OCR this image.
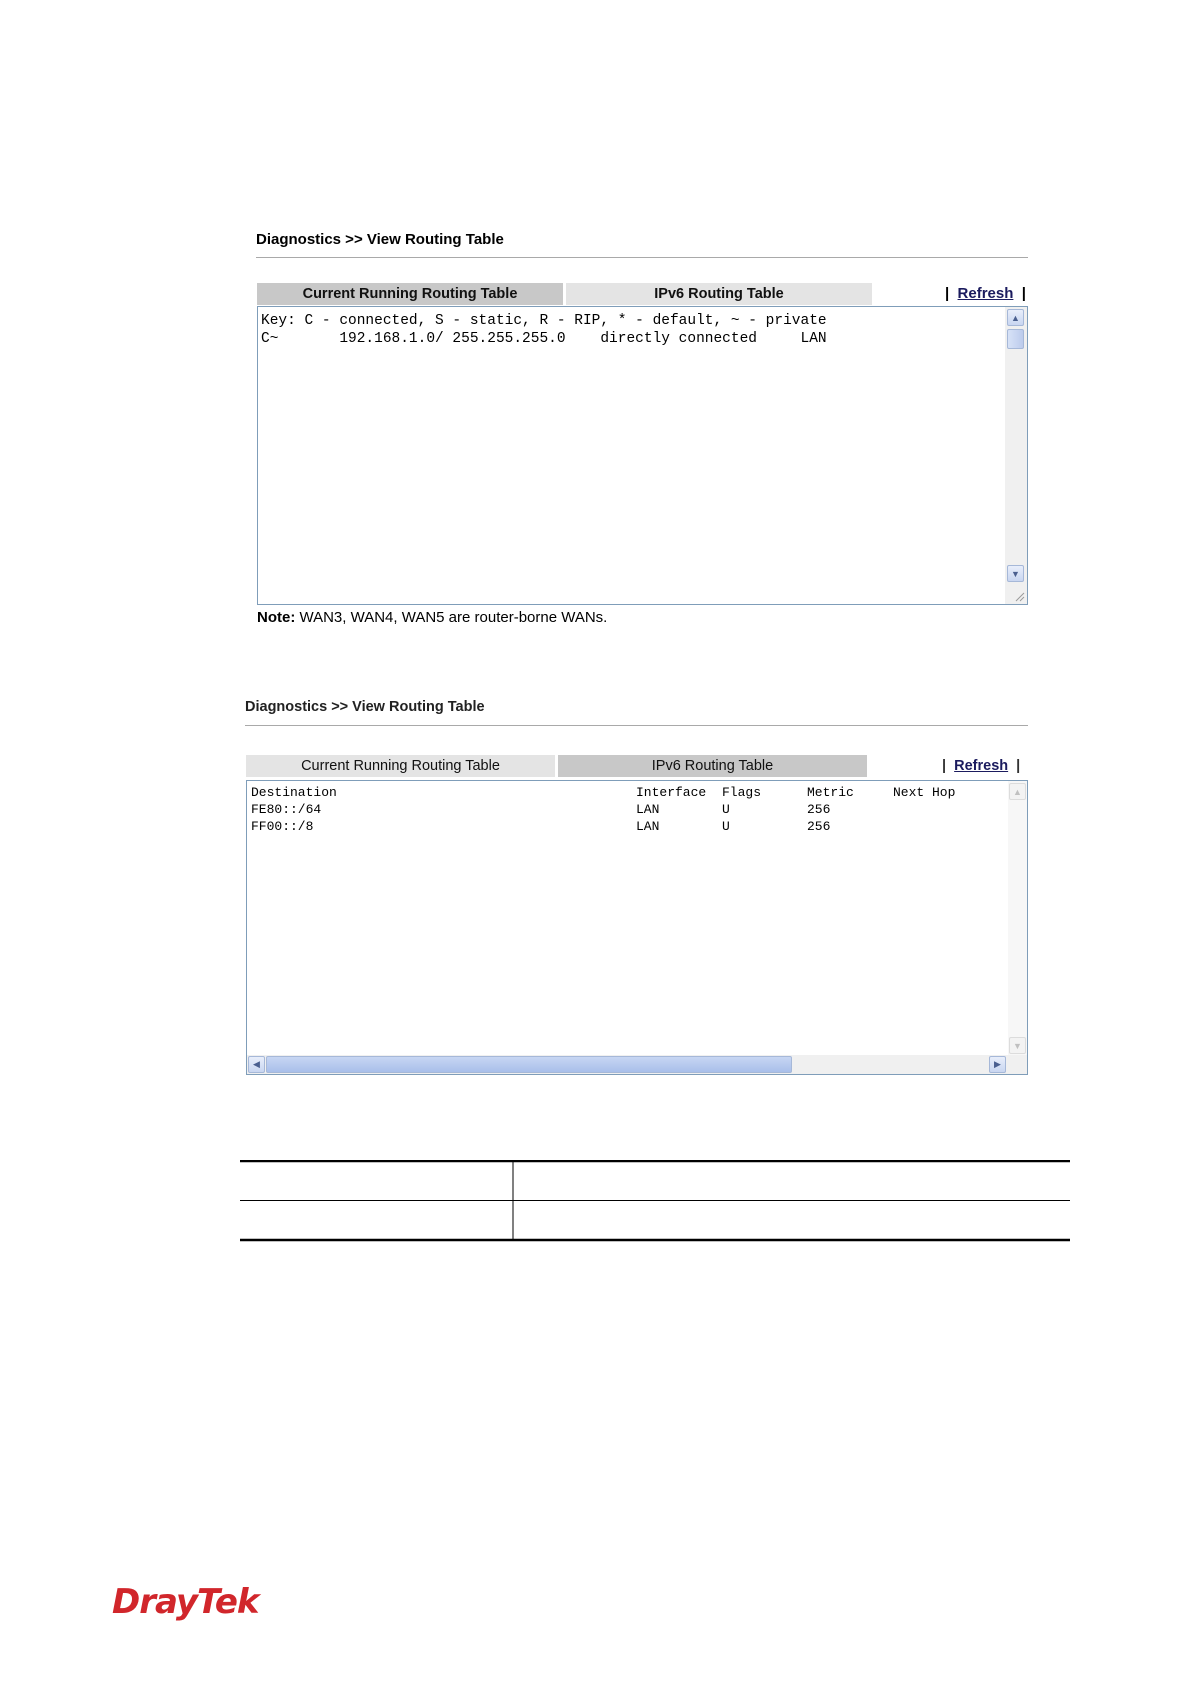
Diagnostics >> View Routing Table
Current Running Routing Table	IPv6 Routing Table	|  Refresh  |
Key: C - connected, S - static, R - RIP, * - default, ~ - private
C~       192.168.1.0/ 255.255.255.0    directly connected     LAN
▲
▼
Note: WAN3, WAN4, WAN5 are router-borne WANs.
Diagnostics >> View Routing Table
Current Running Routing Table	IPv6 Routing Table	|  Refresh  |
Destination	Interface Flags	Metric	Next Hop
FE80::/64	LAN	U	256
FF00::/8	LAN	U	256
▲
▼
◀	▶
DrayTek
